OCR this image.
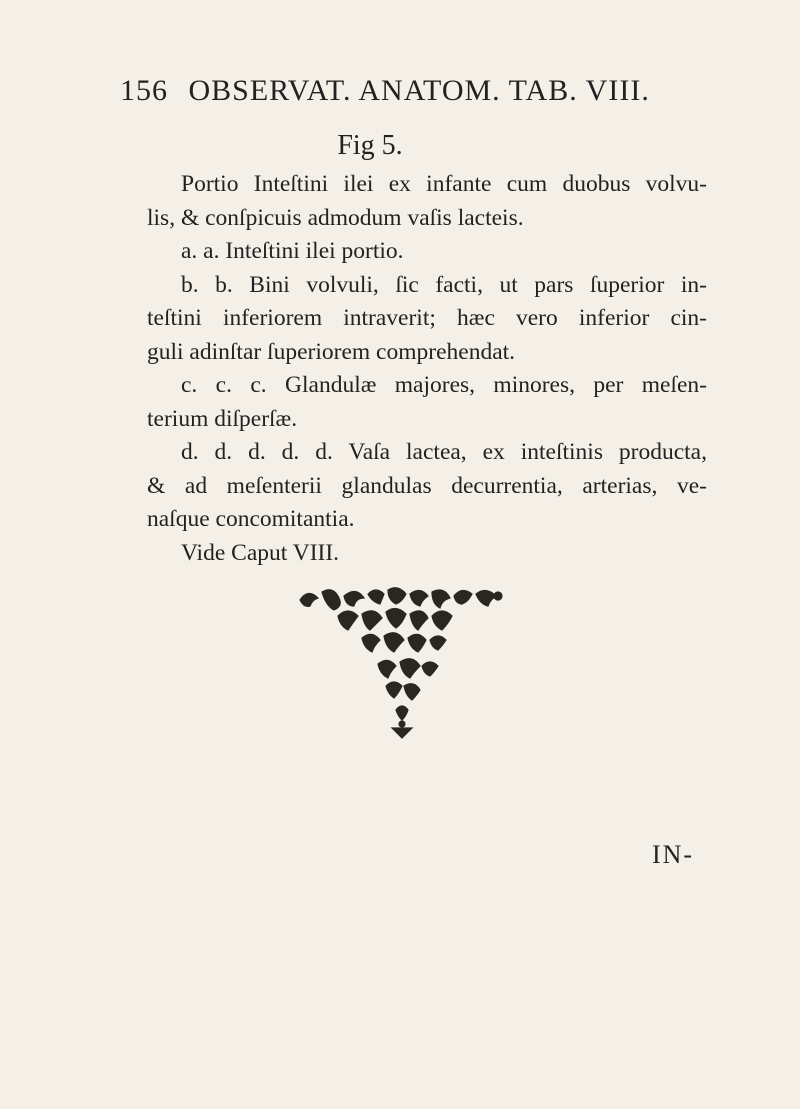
156 OBSERVAT. ANATOM. TAB. VIII.
Fig 5.

Portio Inteſtini ilei ex infante cum duobus volvu-

lis, & conſpicuis admodum vaſis lacteis.

a. a. Inteſtini ilei portio.

b. b. Bini volvuli, ſic facti, ut pars ſuperior in-

teſtini inferiorem intraverit; hæc vero inferior cin-

guli adinſtar ſuperiorem comprehendat.

c. c. c. Glandulæ majores, minores, per meſen-

terium diſperſæ.

d. d. d. d. d. Vaſa lactea, ex inteſtinis producta,

& ad meſenterii glandulas decurrentia, arterias, ve-

naſque concomitantia.

Vide Caput VIII.

IN-
